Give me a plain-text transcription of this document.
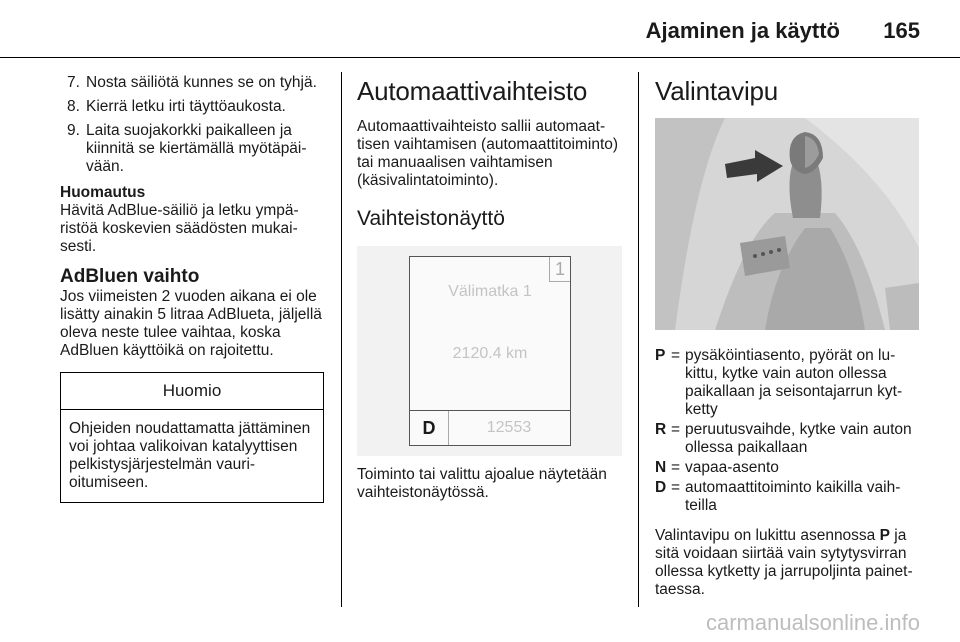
Ajaminen ja käyttö 165
7. Nosta säiliötä kunnes se on tyhjä.
8. Kierrä letku irti täyttöaukosta.
9. Laita suojakorkki paikalleen ja kiinnitä se kiertämällä myötäpäivään.
Huomautus

Hävitä AdBlue-säiliö ja letku ympäristöä koskevien säädösten mukaisesti.

AdBluen vaihto

Jos viimeisten 2 vuoden aikana ei ole lisätty ainakin 5 litraa AdBlueta, jäljellä oleva neste tulee vaihtaa, koska AdBluen käyttöikä on rajoitettu.

Huomio
Ohjeiden noudattamatta jättäminen voi johtaa valikoivan katalyyttisen pelkistysjärjestelmän vaurioitumiseen.
Automaattivaihteisto

Automaattivaihteisto sallii automaattisen vaihtamisen (automaattitoiminto) tai manuaalisen vaihtamisen (käsivalintatoiminto).

Vaihteistonäyttö
1
Välimatka 1
2120.4 km
D	12553

Toiminto tai valittu ajoalue näytetään vaihteistonäytössä.

Valintavipu
P = pysäköintiasento, pyörät on lukittu, kytke vain auton ollessa paikallaan ja seisontajarrun kytketty
R = peruutusvaihde, kytke vain auton ollessa paikallaan
N = vapaa-asento
D = automaattitoiminto kaikilla vaihteilla

Valintavipu on lukittu asennossa P ja sitä voidaan siirtää vain sytytysvirran ollessa kytketty ja jarrupoljinta painettaessa.

carmanualsonline.info
